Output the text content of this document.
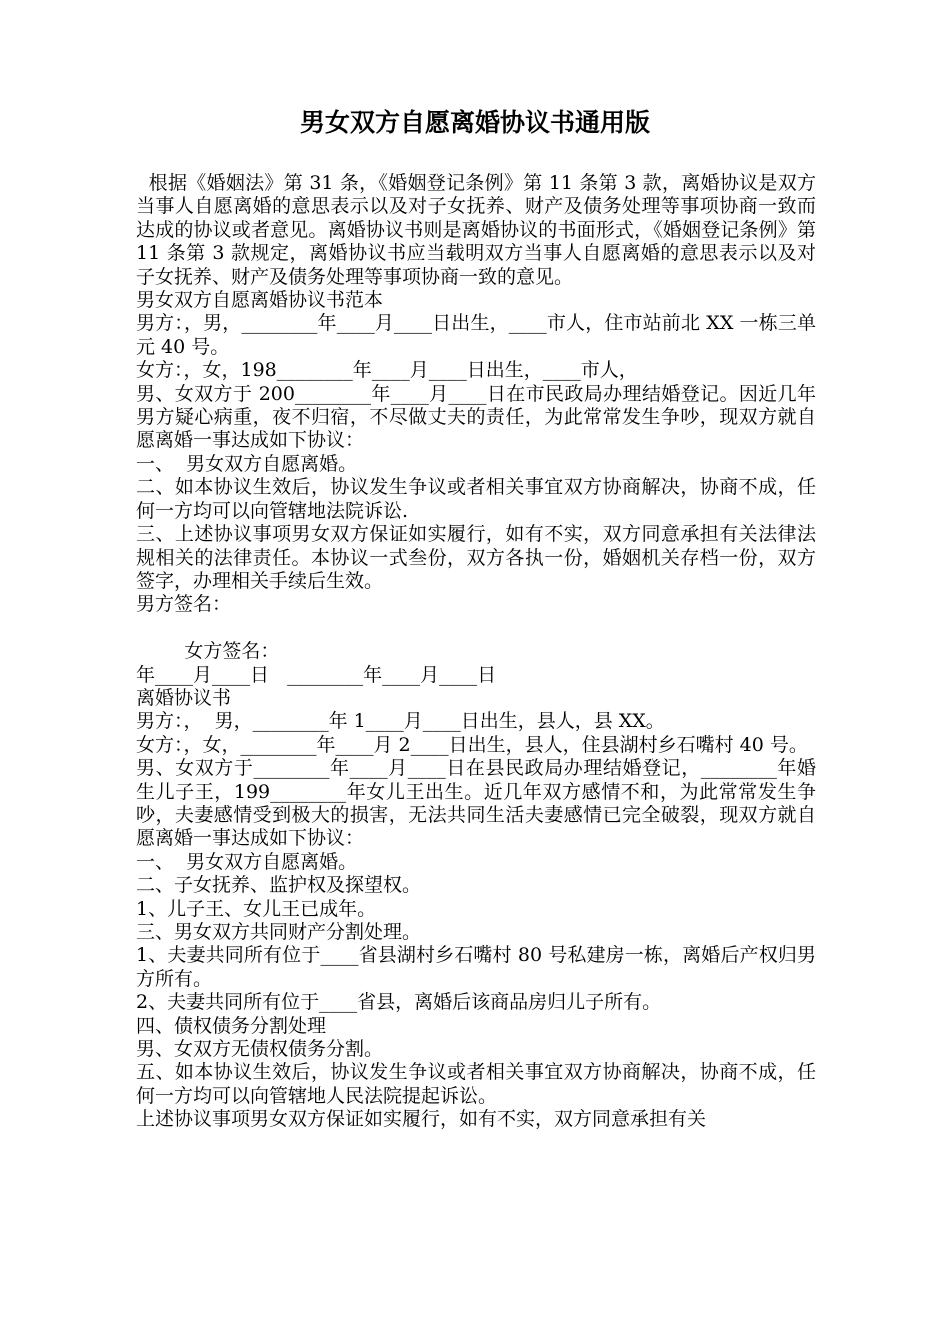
男女双方自愿离婚协议书通用版

根据《婚姻法》第 31 条，《婚姻登记条例》第 11 条第 3 款，离婚协议是双方当事人自愿离婚的意思表示以及对子女抚养、财产及债务处理等事项协商一致而达成的协议或者意见。离婚协议书则是离婚协议的书面形式，《婚姻登记条例》第 11 条第 3 款规定，离婚协议书应当载明双方当事人自愿离婚的意思表示以及对子女抚养、财产及债务处理等事项协商一致的意见。

男女双方自愿离婚协议书范本

男方：，男，________年____月____日出生，____市人，住市站前北 XX 一栋三单元 40 号。

女方：，女，198________年____月____日出生，____市人，

男、女双方于 200________年____月____日在市民政局办理结婚登记。因近几年男方疑心病重，夜不归宿，不尽做丈夫的责任，为此常常发生争吵，现双方就自愿离婚一事达成如下协议：

一、  男女双方自愿离婚。

二、如本协议生效后，协议发生争议或者相关事宜双方协商解决，协商不成，任何一方均可以向管辖地法院诉讼.

三、上述协议事项男女双方保证如实履行，如有不实，双方同意承担有关法律法规相关的法律责任。本协议一式叁份，双方各执一份，婚姻机关存档一份，双方签字，办理相关手续后生效。

男方签名：

女方签名：

年____月____日   ________年____月____日

离婚协议书

男方：，  男，________年 1____月____日出生，县人，县 XX。

女方：，女，________年____月 2____日出生，县人，住县湖村乡石嘴村 40 号。

男、女双方于________年____月____日在县民政局办理结婚登记，________年婚生儿子王，199________年女儿王出生。近几年双方感情不和，为此常常发生争吵，夫妻感情受到极大的损害，无法共同生活夫妻感情已完全破裂，现双方就自愿离婚一事达成如下协议：

一、  男女双方自愿离婚。

二、子女抚养、监护权及探望权。

1、儿子王、女儿王已成年。

三、男女双方共同财产分割处理。

1、夫妻共同所有位于____省县湖村乡石嘴村 80 号私建房一栋，离婚后产权归男方所有。

2、夫妻共同所有位于____省县，离婚后该商品房归儿子所有。

四、债权债务分割处理

男、女双方无债权债务分割。

五、如本协议生效后，协议发生争议或者相关事宜双方协商解决，协商不成，任何一方均可以向管辖地人民法院提起诉讼。

上述协议事项男女双方保证如实履行，如有不实，双方同意承担有关
